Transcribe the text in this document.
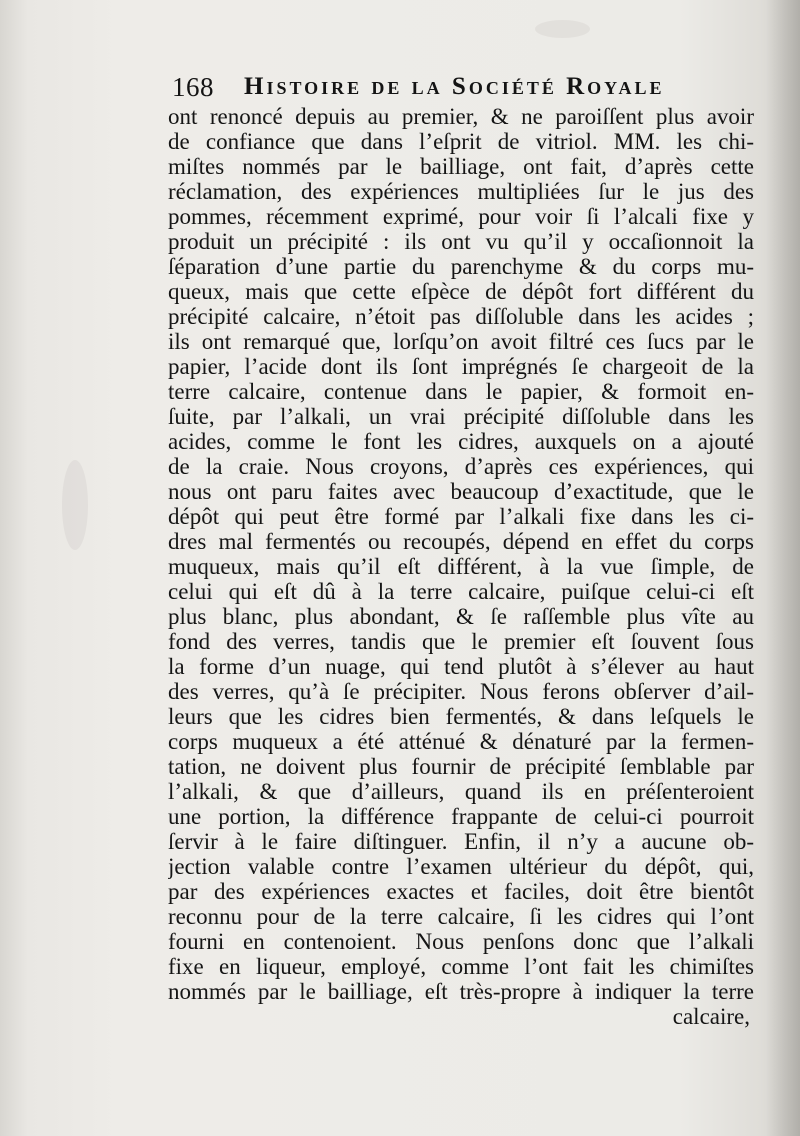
168 Histoire de la Société Royale
ont renoncé depuis au premier, & ne paroiſſent plus avoir
de confiance que dans l’eſprit de vitriol. MM. les chi-
miſtes nommés par le bailliage, ont fait, d’après cette
réclamation, des expériences multipliées ſur le jus des
pommes, récemment exprimé, pour voir ſi l’alcali fixe y
produit un précipité : ils ont vu qu’il y occaſionnoit la
ſéparation d’une partie du parenchyme & du corps mu-
queux, mais que cette eſpèce de dépôt fort différent du
précipité calcaire, n’étoit pas diſſoluble dans les acides ;
ils ont remarqué que, lorſqu’on avoit filtré ces ſucs par le
papier, l’acide dont ils ſont imprégnés ſe chargeoit de la
terre calcaire, contenue dans le papier, & formoit en-
ſuite, par l’alkali, un vrai précipité diſſoluble dans les
acides, comme le font les cidres, auxquels on a ajouté
de la craie. Nous croyons, d’après ces expériences, qui
nous ont paru faites avec beaucoup d’exactitude, que le
dépôt qui peut être formé par l’alkali fixe dans les ci-
dres mal fermentés ou recoupés, dépend en effet du corps
muqueux, mais qu’il eſt différent, à la vue ſimple, de
celui qui eſt dû à la terre calcaire, puiſque celui-ci eſt
plus blanc, plus abondant, & ſe raſſemble plus vîte au
fond des verres, tandis que le premier eſt ſouvent ſous
la forme d’un nuage, qui tend plutôt à s’élever au haut
des verres, qu’à ſe précipiter. Nous ferons obſerver d’ail-
leurs que les cidres bien fermentés, & dans leſquels le
corps muqueux a été atténué & dénaturé par la fermen-
tation, ne doivent plus fournir de précipité ſemblable par
l’alkali, & que d’ailleurs, quand ils en préſenteroient
une portion, la différence frappante de celui-ci pourroit
ſervir à le faire diſtinguer. Enfin, il n’y a aucune ob-
jection valable contre l’examen ultérieur du dépôt, qui,
par des expériences exactes et faciles, doit être bientôt
reconnu pour de la terre calcaire, ſi les cidres qui l’ont
fourni en contenoient. Nous penſons donc que l’alkali
fixe en liqueur, employé, comme l’ont fait les chimiſtes
nommés par le bailliage, eſt très-propre à indiquer la terre
calcaire,
